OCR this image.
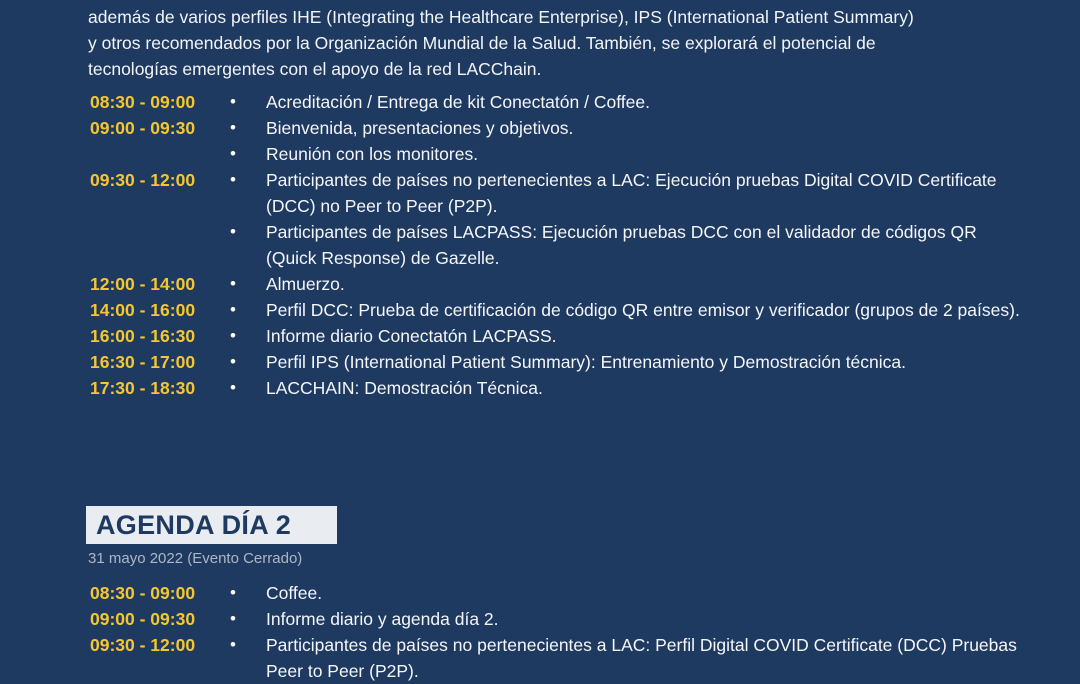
además de varios perfiles IHE (Integrating the Healthcare Enterprise), IPS (International Patient Summary)
y otros recomendados por la Organización Mundial de la Salud. También, se explorará el potencial de
tecnologías emergentes con el apoyo de la red LACChain.
08:30 - 09:00	•	Acreditación / Entrega de kit Conectatón / Coffee.
09:00 - 09:30	•	Bienvenida, presentaciones y objetivos.
•	Reunión con los monitores.
09:30 - 12:00	•	Participantes de países no pertenecientes a LAC: Ejecución pruebas Digital COVID Certificate (DCC) no Peer to Peer (P2P).
•	Participantes de países LACPASS: Ejecución pruebas DCC con el validador de códigos QR (Quick Response) de Gazelle.
12:00 - 14:00	•	Almuerzo.
14:00 - 16:00	•	Perfil DCC: Prueba de certificación de código QR entre emisor y verificador (grupos de 2 países).
16:00 - 16:30	•	Informe diario Conectatón LACPASS.
16:30 - 17:00	•	Perfil IPS (International Patient Summary): Entrenamiento y Demostración técnica.
17:30 - 18:30	•	LACCHAIN: Demostración Técnica.
AGENDA DÍA 2
31 mayo 2022 (Evento Cerrado)
08:30 - 09:00	•	Coffee.
09:00 - 09:30	•	Informe diario y agenda día 2.
09:30 - 12:00	•	Participantes de países no pertenecientes a LAC: Perfil Digital COVID Certificate (DCC) Pruebas Peer to Peer (P2P).
